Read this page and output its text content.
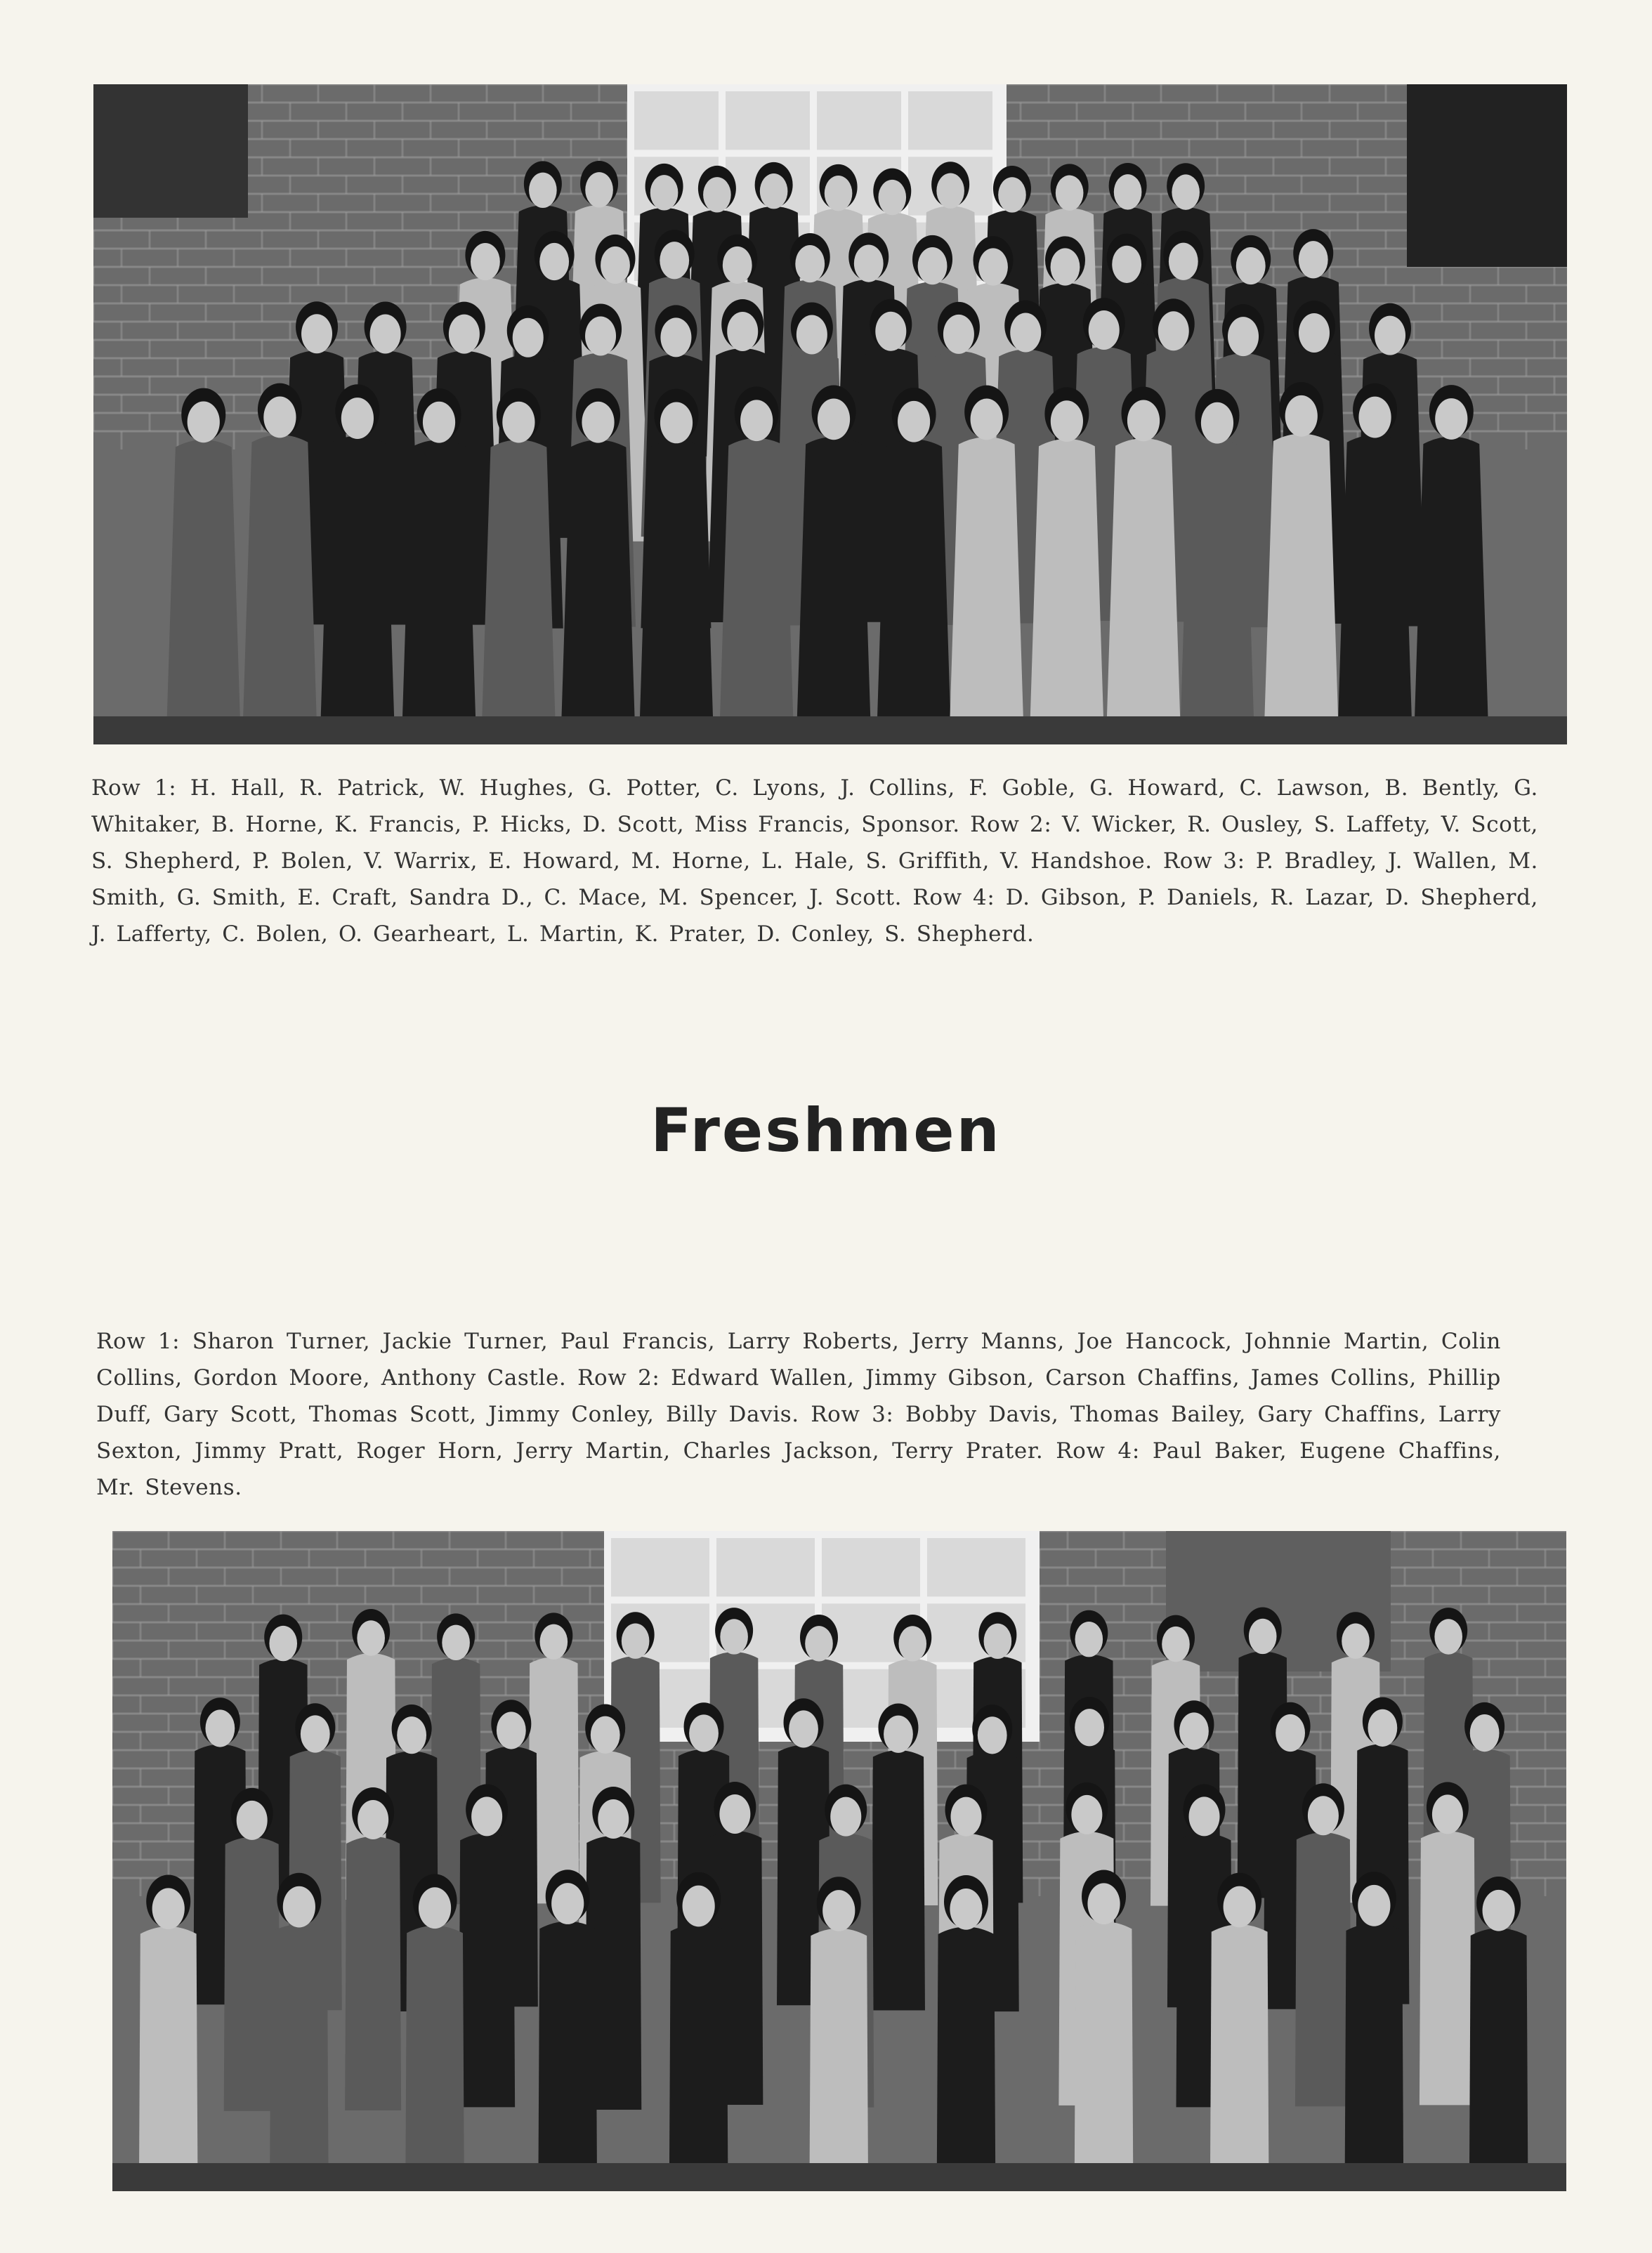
Row 1: H. Hall, R. Patrick, W. Hughes, G. Potter, C. Lyons, J. Collins, F. Goble, G. Howard, C. Lawson, B. Bently, G. Whitaker, B. Horne, K. Francis, P. Hicks, D. Scott, Miss Francis, Sponsor. Row 2: V. Wicker, R. Ousley, S. Laffety, V. Scott, S. Shepherd, P. Bolen, V. Warrix, E. Howard, M. Horne, L. Hale, S. Griffith, V. Handshoe. Row 3: P. Bradley, J. Wallen, M. Smith, G. Smith, E. Craft, Sandra D., C. Mace, M. Spencer, J. Scott. Row 4: D. Gibson, P. Daniels, R. Lazar, D. Shepherd, J. Lafferty, C. Bolen, O. Gearheart, L. Martin, K. Prater, D. Conley, S. Shepherd.
Freshmen
Row 1: Sharon Turner, Jackie Turner, Paul Francis, Larry Roberts, Jerry Manns, Joe Hancock, Johnnie Martin, Colin Collins, Gordon Moore, Anthony Castle. Row 2: Edward Wallen, Jimmy Gibson, Carson Chaffins, James Collins, Phillip Duff, Gary Scott, Thomas Scott, Jimmy Conley, Billy Davis. Row 3: Bobby Davis, Thomas Bailey, Gary Chaffins, Larry Sexton, Jimmy Pratt, Roger Horn, Jerry Martin, Charles Jackson, Terry Prater. Row 4: Paul Baker, Eugene Chaffins, Mr. Stevens.
